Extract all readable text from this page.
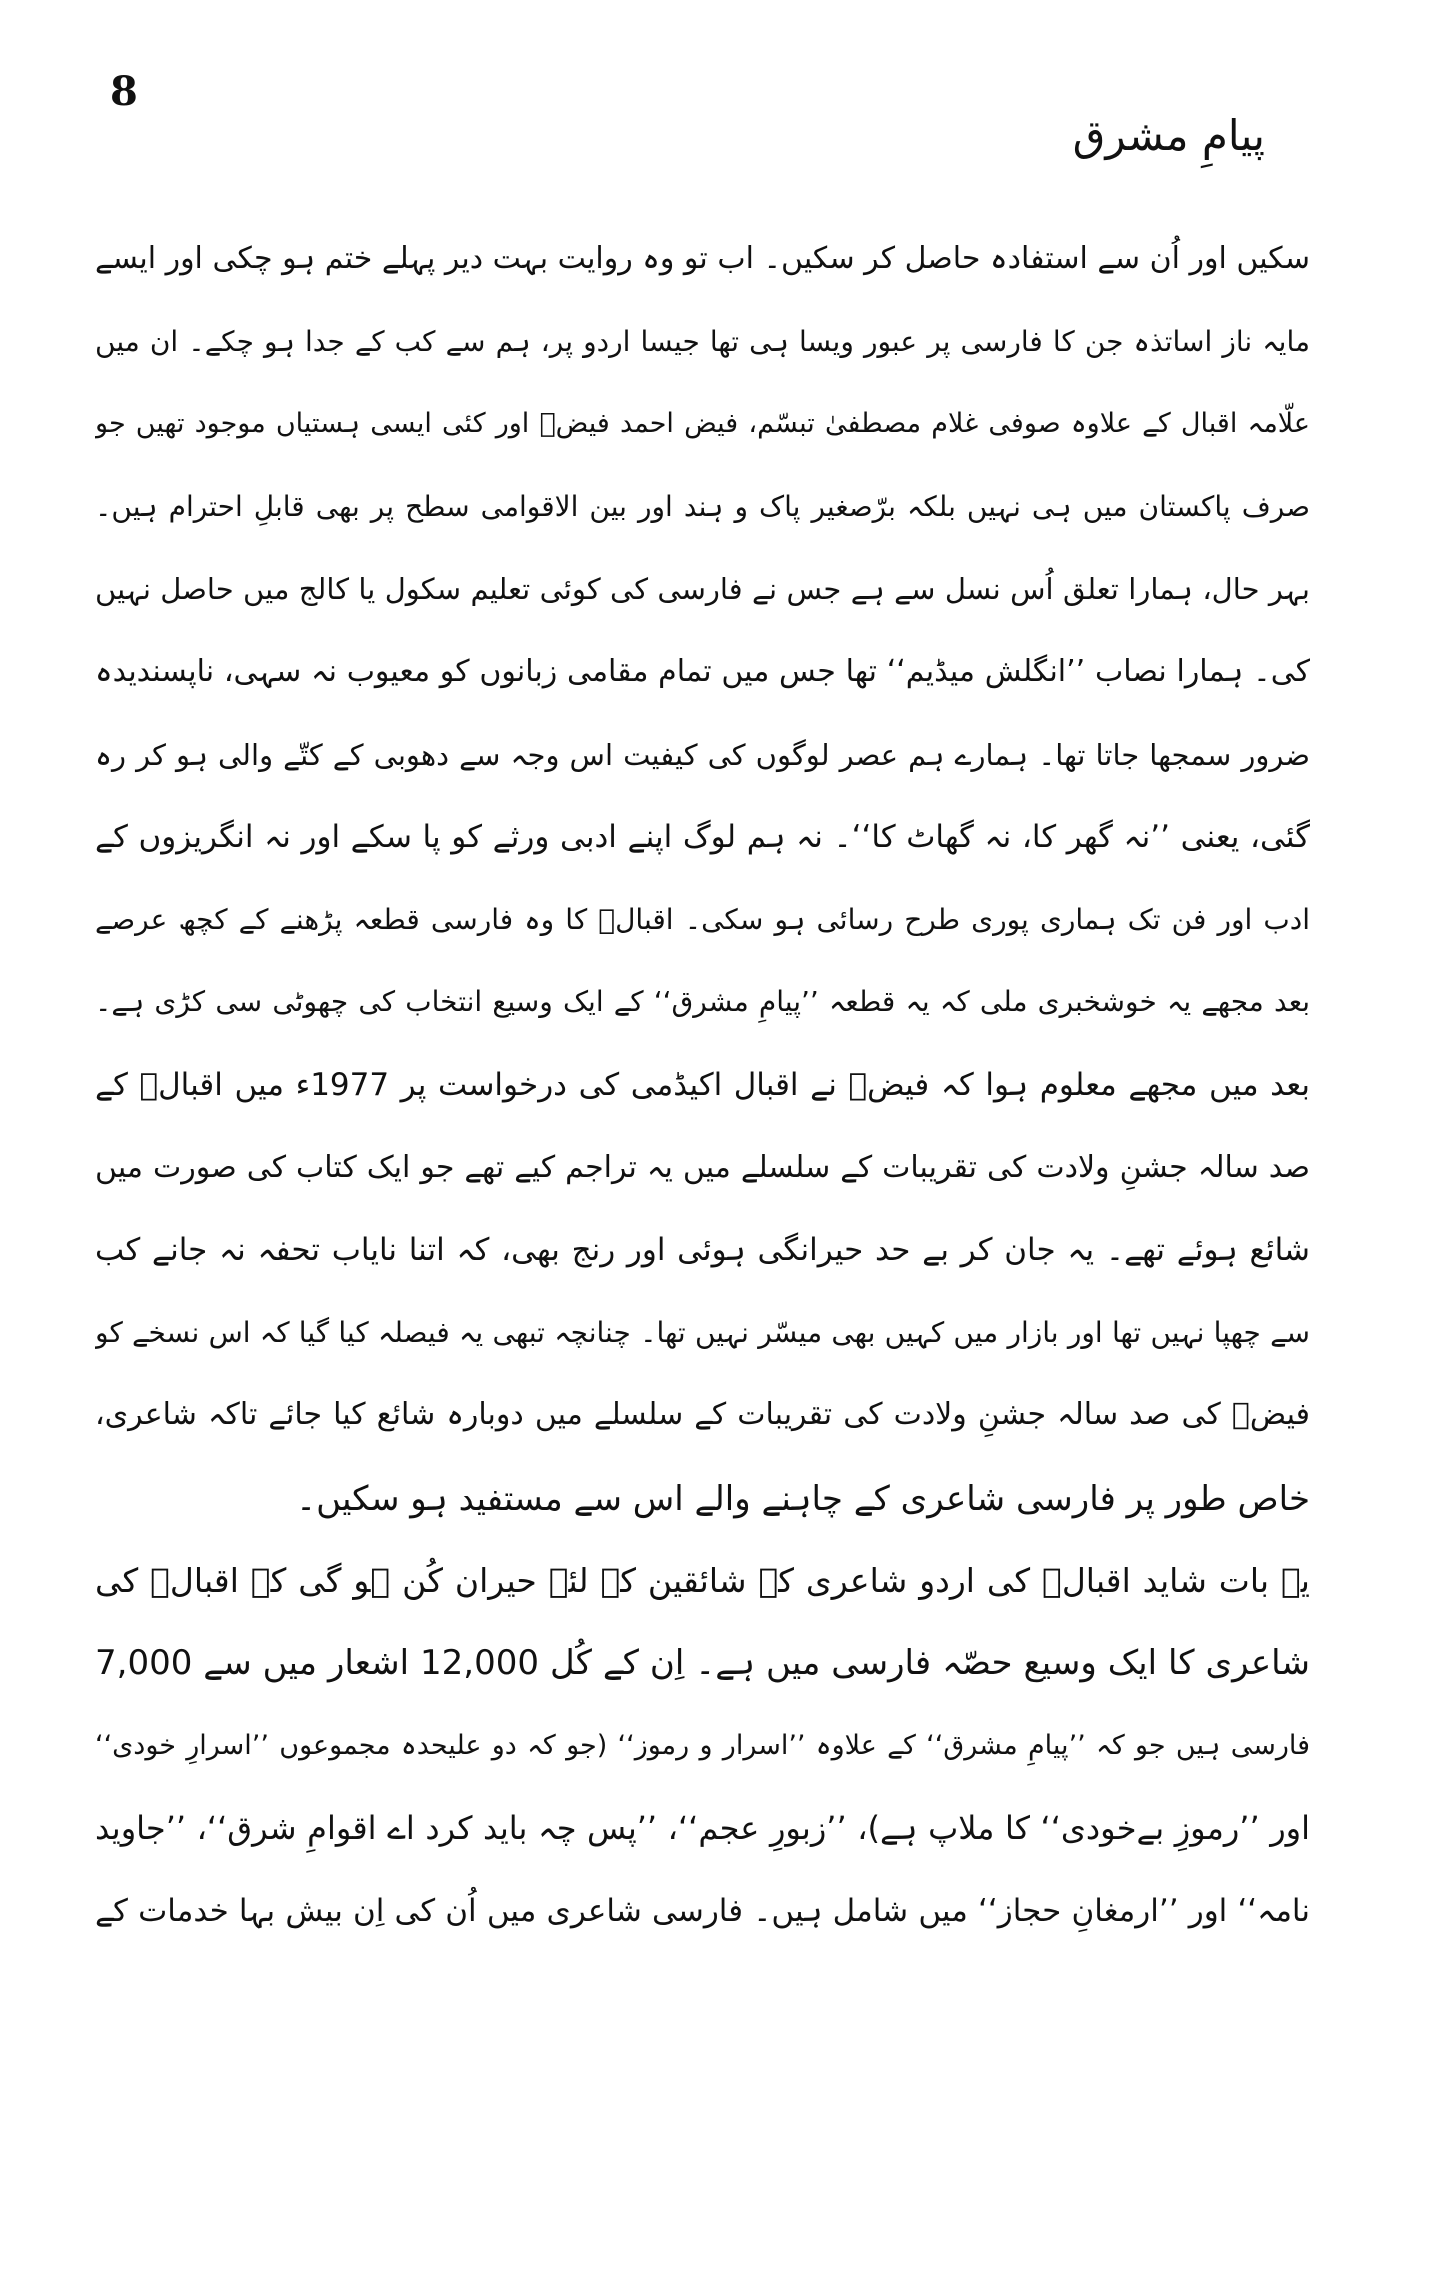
8
پیامِ مشرق
سکیں اور اُن سے استفادہ حاصل کر سکیں۔ اب تو وہ روایت بہت دیر پہلے ختم ہو چکی اور ایسے
مایہ ناز اساتذہ جن کا فارسی پر عبور ویسا ہی تھا جیسا اردو پر، ہم سے کب کے جدا ہو چکے۔ ان میں
علّامہ اقبال کے علاوہ صوفی غلام مصطفیٰ تبسّم، فیض احمد فیضؔ اور کئی ایسی ہستیاں موجود تھیں جو
صرف پاکستان میں ہی نہیں بلکہ برّصغیر پاک و ہند اور بین الاقوامی سطح پر بھی قابلِ احترام ہیں۔
بہر حال، ہمارا تعلق اُس نسل سے ہے جس نے فارسی کی کوئی تعلیم سکول یا کالج میں حاصل نہیں
کی۔ ہمارا نصاب ’’انگلش میڈیم‘‘ تھا جس میں تمام مقامی زبانوں کو معیوب نہ سہی، ناپسندیدہ
ضرور سمجھا جاتا تھا۔ ہمارے ہم عصر لوگوں کی کیفیت اس وجہ سے دھوبی کے کتّے والی ہو کر رہ
گئی، یعنی ’’نہ گھر کا، نہ گھاٹ کا‘‘۔ نہ ہم لوگ اپنے ادبی ورثے کو پا سکے اور نہ انگریزوں کے
ادب اور فن تک ہماری پوری طرح رسائی ہو سکی۔ اقبالؔ کا وہ فارسی قطعہ پڑھنے کے کچھ عرصے
بعد مجھے یہ خوشخبری ملی کہ یہ قطعہ ’’پیامِ مشرق‘‘ کے ایک وسیع انتخاب کی چھوٹی سی کڑی ہے۔
بعد میں مجھے معلوم ہوا کہ فیضؔ نے اقبال اکیڈمی کی درخواست پر 1977ء میں اقبالؔ کے
صد سالہ جشنِ ولادت کی تقریبات کے سلسلے میں یہ تراجم کیے تھے جو ایک کتاب کی صورت میں
شائع ہوئے تھے۔ یہ جان کر بے حد حیرانگی ہوئی اور رنج بھی، کہ اتنا نایاب تحفہ نہ جانے کب
سے چھپا نہیں تھا اور بازار میں کہیں بھی میسّر نہیں تھا۔ چنانچہ تبھی یہ فیصلہ کیا گیا کہ اس نسخے کو
فیضؔ کی صد سالہ جشنِ ولادت کی تقریبات کے سلسلے میں دوبارہ شائع کیا جائے تاکہ شاعری،
خاص طور پر فارسی شاعری کے چاہنے والے اس سے مستفید ہو سکیں۔
یہ بات شاید اقبالؔ کی اردو شاعری کے شائقین کے لئے حیران کُن ہو گی کہ اقبالؔ کی
شاعری کا ایک وسیع حصّہ فارسی میں ہے۔ اِن کے کُل 12,000 اشعار میں سے 7,000
فارسی ہیں جو کہ ’’پیامِ مشرق‘‘ کے علاوہ ’’اسرار و رموز‘‘ (جو کہ دو علیحدہ مجموعوں ’’اسرارِ خودی‘‘
اور ’’رموزِ بےخودی‘‘ کا ملاپ ہے)، ’’زبورِ عجم‘‘، ’’پس چہ باید کرد اے اقوامِ شرق‘‘، ’’جاوید
نامہ‘‘ اور ’’ارمغانِ حجاز‘‘ میں شامل ہیں۔ فارسی شاعری میں اُن کی اِن بیش بہا خدمات کے
